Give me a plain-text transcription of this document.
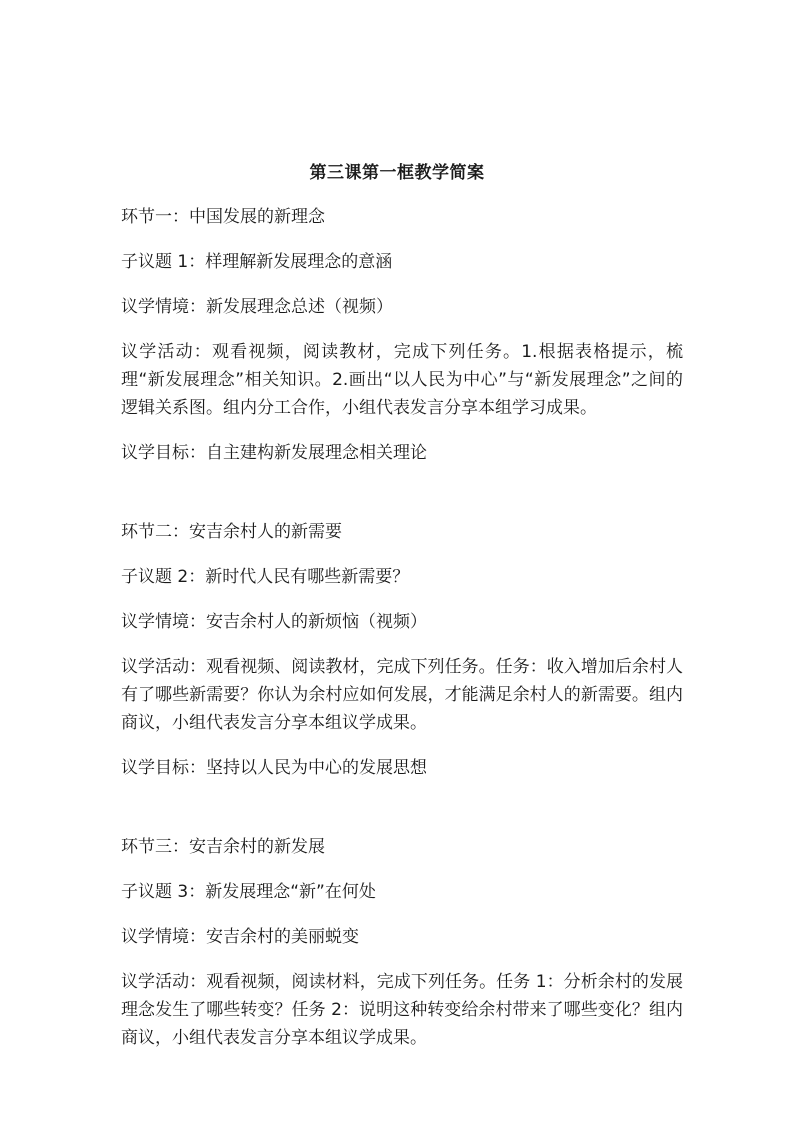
第三课第一框教学简案

环节一：中国发展的新理念

子议题 1：样理解新发展理念的意涵

议学情境：新发展理念总述（视频）

议学活动：观看视频，阅读教材，完成下列任务。1.根据表格提示，梳理“新发展理念”相关知识。2.画出“以人民为中心”与“新发展理念”之间的逻辑关系图。组内分工合作，小组代表发言分享本组学习成果。

议学目标：自主建构新发展理念相关理论

环节二：安吉余村人的新需要

子议题 2：新时代人民有哪些新需要？

议学情境：安吉余村人的新烦恼（视频）

议学活动：观看视频、阅读教材，完成下列任务。任务：收入增加后余村人有了哪些新需要？你认为余村应如何发展，才能满足余村人的新需要。组内商议，小组代表发言分享本组议学成果。

议学目标：坚持以人民为中心的发展思想

环节三：安吉余村的新发展

子议题 3：新发展理念“新”在何处

议学情境：安吉余村的美丽蜕变

议学活动：观看视频，阅读材料，完成下列任务。任务 1：分析余村的发展理念发生了哪些转变？任务 2：说明这种转变给余村带来了哪些变化？组内商议，小组代表发言分享本组议学成果。
